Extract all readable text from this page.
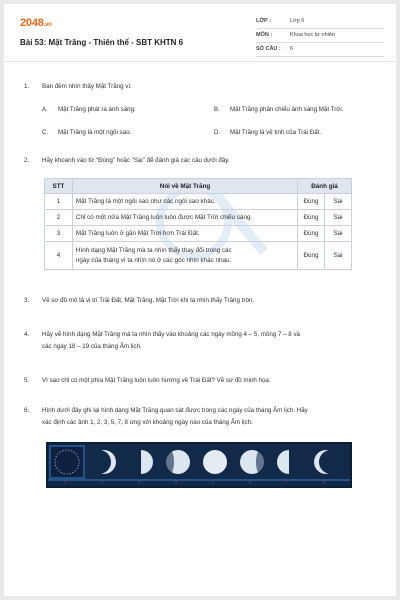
2048.vn
Bài 53: Mặt Trăng - Thiên thể - SBT KHTN 6
LỚP :	Lớp 6
MÔN :	Khoa học tự nhiên
SỐ CÂU :	6
1. Ban đêm nhìn thấy Mặt Trăng vì:
A. Mặt Trăng phát ra ánh sáng.	B. Mặt Trăng phản chiếu ánh sáng Mặt Trời.
C. Mặt Trăng là một ngôi sao.	D. Mặt Trăng là vệ tinh của Trái Đất.
2. Hãy khoanh vào từ “Đúng” hoặc “Sai” để đánh giá các câu dưới đây.
STT	Nói về Mặt Trăng	Đánh giá	
1	Mặt Trăng là một ngôi sao như các ngôi sao khác.	Đúng	Sai
2	Chỉ có một nửa Mặt Trăng luôn luôn được Mặt Trời chiếu sáng.	Đúng	Sai
3	Mặt Trăng luôn ở gần Mặt Trời hơn Trái Đất.	Đúng	Sai
4	Hình dạng Mặt Trăng mà ta nhìn thấy thay đổi trong các
ngày của tháng vì ta nhìn nó ở các góc nhìn khác nhau.	Đúng	Sai
3. Vẽ sơ đồ mô tả vị trí Trái Đất, Mặt Trăng, Mặt Trời khi ta nhìn thấy Trăng tròn.
4. Hãy vẽ hình dạng Mặt Trăng mà ta nhìn thấy vào khoảng các ngày mồng 4 – 5, mồng 7 – 8 và
các ngày 18 – 19 của tháng Âm lịch.
5. Vì sao chỉ có một phía Mặt Trăng luôn luôn hướng về Trái Đất? Vẽ sơ đồ minh họa.
6. Hình dưới đây ghi lại hình dạng Mặt Trăng quan sát được trong các ngày của tháng Âm lịch. Hãy
xác định các ảnh 1, 2, 3, 5, 7, 8 ứng với khoảng ngày nào của tháng Âm lịch.
1	2	3	4	5	6	7	8
